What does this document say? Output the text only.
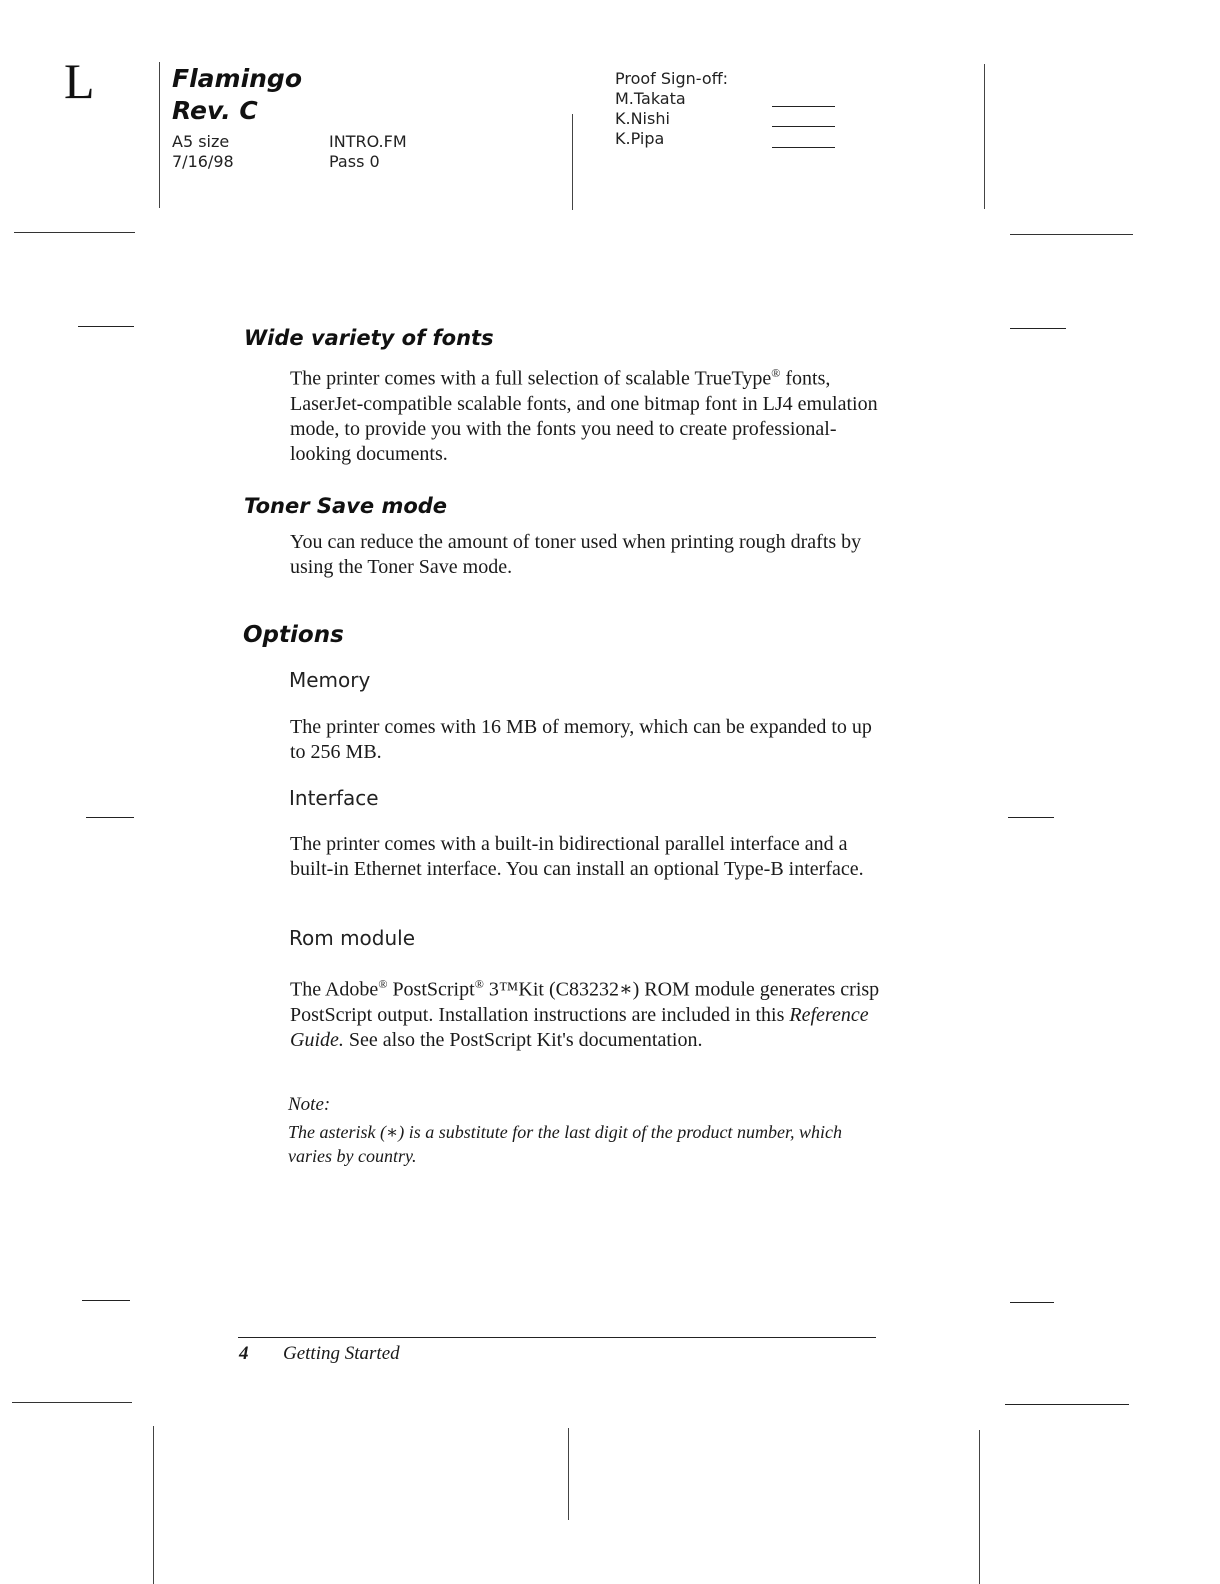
L	Flamingo
Rev. C
A5 size	INTRO.FM
7/16/98	Pass 0
Proof Sign-off:
M.Takata
K.Nishi
K.Pipa
Wide variety of fonts
The printer comes with a full selection of scalable TrueType® fonts, LaserJet-compatible scalable fonts, and one bitmap font in LJ4 emulation mode, to provide you with the fonts you need to create professional-looking documents.
Toner Save mode
You can reduce the amount of toner used when printing rough drafts by using the Toner Save mode.
Options
Memory
The printer comes with 16 MB of memory, which can be expanded to up to 256 MB.
Interface
The printer comes with a built-in bidirectional parallel interface and a built-in Ethernet interface. You can install an optional Type-B interface.
Rom module
The Adobe® PostScript® 3™Kit (C83232∗) ROM module generates crisp PostScript output. Installation instructions are included in this Reference Guide. See also the PostScript Kit's documentation.
Note:
The asterisk (∗) is a substitute for the last digit of the product number, which varies by country.
4 Getting Started
